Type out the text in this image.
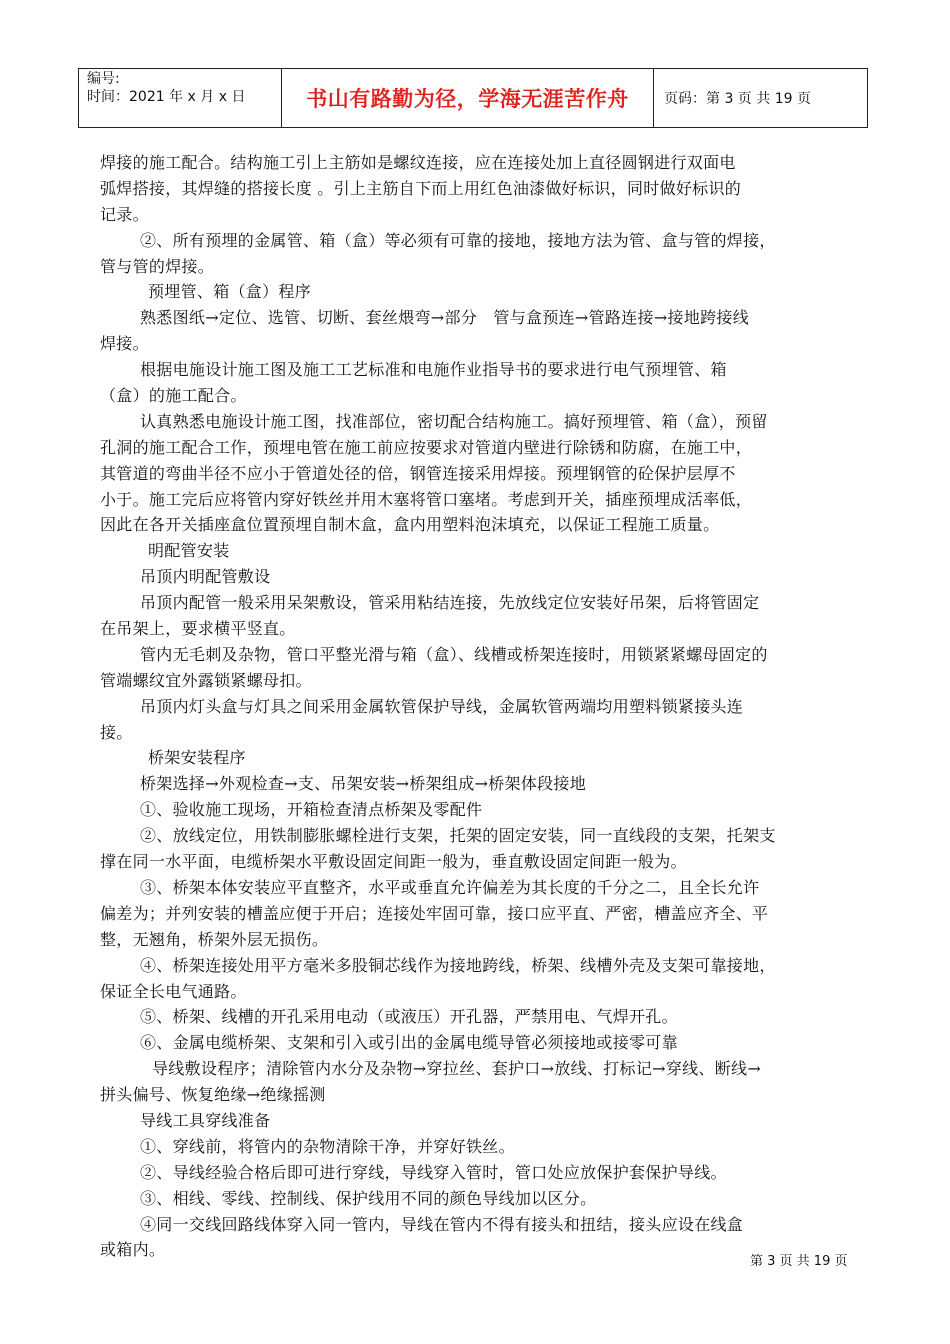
编号:
时间：2021 年 x 月 x 日	书山有路勤为径，学海无涯苦作舟	页码：第 3 页 共 19 页
焊接的施工配合。结构施工引上主筋如是螺纹连接，应在连接处加上直径圆钢进行双面电
弧焊搭接，其焊缝的搭接长度 。引上主筋自下而上用红色油漆做好标识，同时做好标识的
记录。
②、所有预埋的金属管、箱（盒）等必须有可靠的接地，接地方法为管、盒与管的焊接，
管与管的焊接。
预埋管、箱（盒）程序
熟悉图纸→定位、选管、切断、套丝煨弯→部分　管与盒预连→管路连接→接地跨接线
焊接。
根据电施设计施工图及施工工艺标准和电施作业指导书的要求进行电气预埋管、箱
（盒）的施工配合。
认真熟悉电施设计施工图，找准部位，密切配合结构施工。搞好预埋管、箱（盒），预留
孔洞的施工配合工作，预埋电管在施工前应按要求对管道内壁进行除锈和防腐，在施工中，
其管道的弯曲半径不应小于管道处径的倍，钢管连接采用焊接。预埋钢管的砼保护层厚不
小于。施工完后应将管内穿好铁丝并用木塞将管口塞堵。考虑到开关，插座预埋成活率低，
因此在各开关插座盒位置预埋自制木盒，盒内用塑料泡沫填充，以保证工程施工质量。
明配管安装
吊顶内明配管敷设
吊顶内配管一般采用呆架敷设，管采用粘结连接，先放线定位安装好吊架，后将管固定
在吊架上，要求横平竖直。
管内无毛刺及杂物，管口平整光滑与箱（盒）、线槽或桥架连接时，用锁紧紧螺母固定的
管端螺纹宜外露锁紧螺母扣。
吊顶内灯头盒与灯具之间采用金属软管保护导线，金属软管两端均用塑料锁紧接头连
接。
桥架安装程序
桥架选择→外观检查→支、吊架安装→桥架组成→桥架体段接地
①、验收施工现场，开箱检查清点桥架及零配件
②、放线定位，用铁制膨胀螺栓进行支架，托架的固定安装，同一直线段的支架，托架支
撑在同一水平面，电缆桥架水平敷设固定间距一般为，垂直敷设固定间距一般为。
③、桥架本体安装应平直整齐，水平或垂直允许偏差为其长度的千分之二，且全长允许
偏差为；并列安装的槽盖应便于开启；连接处牢固可靠，接口应平直、严密，槽盖应齐全、平
整，无翘角，桥架外层无损伤。
④、桥架连接处用平方毫米多股铜芯线作为接地跨线，桥架、线槽外壳及支架可靠接地，
保证全长电气通路。
⑤、桥架、线槽的开孔采用电动（或液压）开孔器，严禁用电、气焊开孔。
⑥、金属电缆桥架、支架和引入或引出的金属电缆导管必须接地或接零可靠
导线敷设程序；清除管内水分及杂物→穿拉丝、套护口→放线、打标记→穿线、断线→
拼头偏号、恢复绝缘→绝缘摇测
导线工具穿线准备
①、穿线前，将管内的杂物清除干净，并穿好铁丝。
②、导线经验合格后即可进行穿线，导线穿入管时，管口处应放保护套保护导线。
③、相线、零线、控制线、保护线用不同的颜色导线加以区分。
④同一交线回路线体穿入同一管内，导线在管内不得有接头和扭结，接头应设在线盒
或箱内。
第 3 页 共 19 页
